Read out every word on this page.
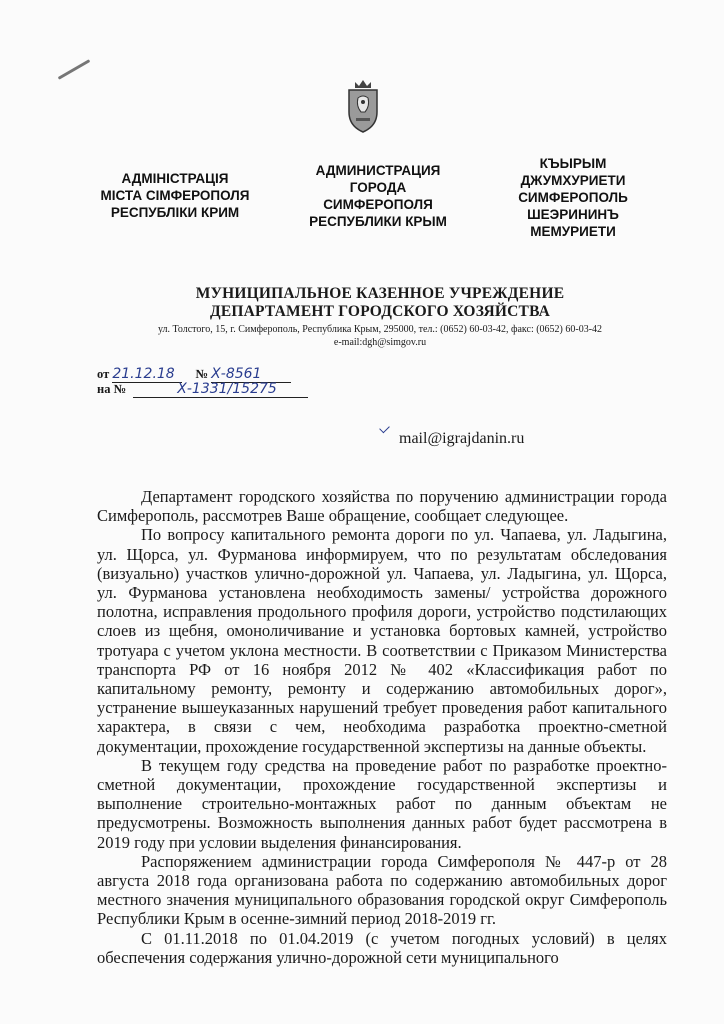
АДМІНІСТРАЦІЯ
МІСТА СІМФЕРОПОЛЯ
РЕСПУБЛІКИ КРИМ
АДМИНИСТРАЦИЯ
ГОРОДА
СИМФЕРОПОЛЯ
РЕСПУБЛИКИ КРЫМ
КЪЫРЫМ
ДЖУМХУРИЕТИ
СИМФЕРОПОЛЬ
ШЕЭРИНИНЪ
МЕМУРИЕТИ
МУНИЦИПАЛЬНОЕ КАЗЕННОЕ УЧРЕЖДЕНИЕ
ДЕПАРТАМЕНТ ГОРОДСКОГО ХОЗЯЙСТВА
ул. Толстого, 15, г. Симферополь, Республика Крым, 295000, тел.: (0652) 60-03-42, факс: (0652) 60-03-42
e-mail:dgh@simgov.ru
от 21.12.18 № Х-8561
на №	Х-1331/15275
mail@igrajdanin.ru

Департамент городского хозяйства по поручению администрации города Симферополь, рассмотрев Ваше обращение, сообщает следующее.

По вопросу капитального ремонта дороги по ул. Чапаева, ул. Ладыгина, ул. Щорса, ул. Фурманова информируем, что по результатам обследования (визуально) участков улично-дорожной ул. Чапаева, ул. Ладыгина, ул. Щорса, ул. Фурманова установлена необходимость замены/ устройства дорожного полотна, исправления продольного профиля дороги, устройство подстилающих слоев из щебня, омоноличивание и установка бортовых камней, устройство тротуара с учетом уклона местности. В соответствии с Приказом Министерства транспорта РФ от 16 ноября 2012 № 402 «Классификация работ по капитальному ремонту, ремонту и содержанию автомобильных дорог», устранение вышеуказанных нарушений требует проведения работ капитального характера, в связи с чем, необходима разработка проектно-сметной документации, прохождение государственной экспертизы на данные объекты.

В текущем году средства на проведение работ по разработке проектно-сметной документации, прохождение государственной экспертизы и выполнение строительно-монтажных работ по данным объектам не предусмотрены. Возможность выполнения данных работ будет рассмотрена в 2019 году при условии выделения финансирования.

Распоряжением администрации города Симферополя № 447-р от 28 августа 2018 года организована работа по содержанию автомобильных дорог местного значения муниципального образования городской округ Симферополь Республики Крым в осенне-зимний период 2018-2019 гг.

С 01.11.2018 по 01.04.2019 (с учетом погодных условий) в целях обеспечения содержания улично-дорожной сети муниципального
